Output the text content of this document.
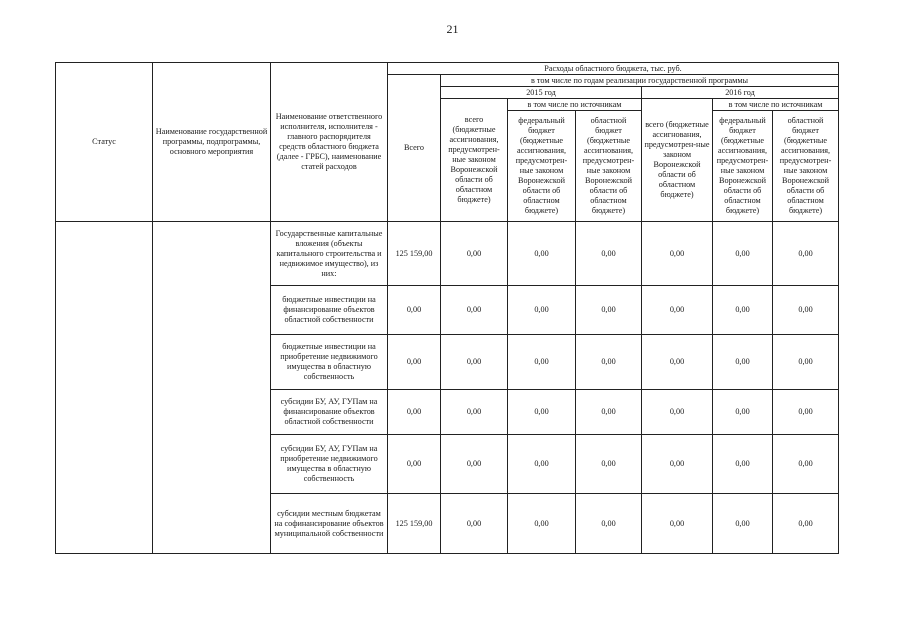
21
Статус	Наименование государственной программы, подпрограммы, основного мероприятия	Наименование ответственного исполнителя, исполнителя - главного распорядителя средств областного бюджета (далее - ГРБС), наименование статей расходов	Расходы областного бюджета, тыс. руб.						
			Всего	в том числе по годам реализации государственной программы					
				2015 год			2016 год		
				всего (бюджетные ассигнования, предусмотрен-ные законом Воронежской области об областном бюджете)	в том числе по источникам		всего (бюджетные ассигнования, предусмотрен-ные законом Воронежской области об областном бюджете)	в том числе по источникам	
					федеральный бюджет (бюджетные ассигнования, предусмотрен-ные законом Воронежской области об областном бюджете)	областной бюджет (бюджетные ассигнования, предусмотрен-ные законом Воронежской области об областном бюджете)		федеральный бюджет (бюджетные ассигнования, предусмотрен-ные законом Воронежской области об областном бюджете)	областной бюджет (бюджетные ассигнования, предусмотрен-ные законом Воронежской области об областном бюджете)
		Государственные капитальные вложения (объекты капитального строительства и недвижимое имущество), из них:	125 159,00	0,00	0,00	0,00	0,00	0,00	0,00
		бюджетные инвестиции на финансирование объектов областной собственности	0,00	0,00	0,00	0,00	0,00	0,00	0,00
		бюджетные инвестиции на приобретение недвижимого имущества в областную собственность	0,00	0,00	0,00	0,00	0,00	0,00	0,00
		субсидии БУ, АУ, ГУПам на финансирование объектов областной собственности	0,00	0,00	0,00	0,00	0,00	0,00	0,00
		субсидии БУ, АУ, ГУПам на приобретение недвижимого имущества в областную собственность	0,00	0,00	0,00	0,00	0,00	0,00	0,00
		субсидии местным бюджетам на софинансирование объектов муниципальной собственности	125 159,00	0,00	0,00	0,00	0,00	0,00	0,00
